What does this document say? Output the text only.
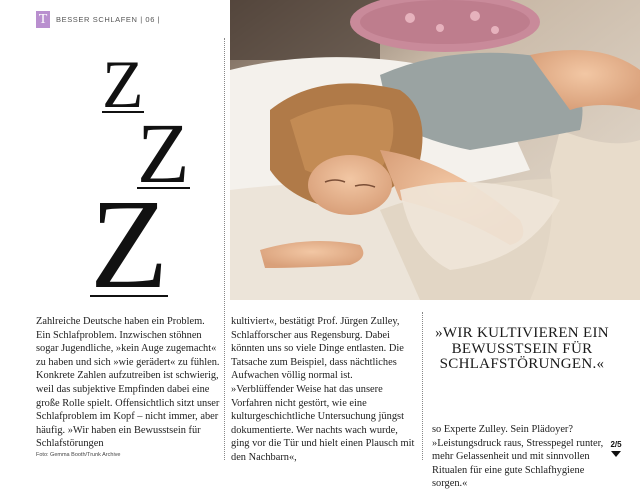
T	BESSER SCHLAFEN | 06 |
Z
Z
Z

Zahlreiche Deutsche haben ein Problem. Ein Schlafproblem. Inzwischen stöhnen sogar Jugendliche, »kein Auge zugemacht« zu haben und sich »wie gerädert« zu fühlen. Konkrete Zahlen aufzutreiben ist schwierig, weil das subjektive Empfinden dabei eine große Rolle spielt. Offensichtlich sitzt unser Schlafproblem im Kopf – nicht immer, aber häufig. »Wir haben ein Bewusstsein für Schlafstörungen

kultiviert«, bestätigt Prof. Jürgen Zulley, Schlafforscher aus Regensburg. Dabei könnten uns so viele Dinge entlasten. Die Tatsache zum Beispiel, dass nächtliches Aufwachen völlig normal ist. »Verblüffender Weise hat das unsere Vorfahren nicht gestört, wie eine kulturgeschichtliche Untersuchung jüngst dokumentierte. Wer nachts wach wurde, ging vor die Tür und hielt einen Plausch mit den Nachbarn«,

»WIR KULTIVIEREN EIN BEWUSSTSEIN FÜR SCHLAFSTÖRUNGEN.«

so Experte Zulley. Sein Plädoyer? »Leistungsdruck raus, Stresspegel runter, mehr Gelassenheit und mit sinnvollen Ritualen für eine gute Schlafhygiene sorgen.«

Foto: Gemma Booth/Trunk Archive
2/5
